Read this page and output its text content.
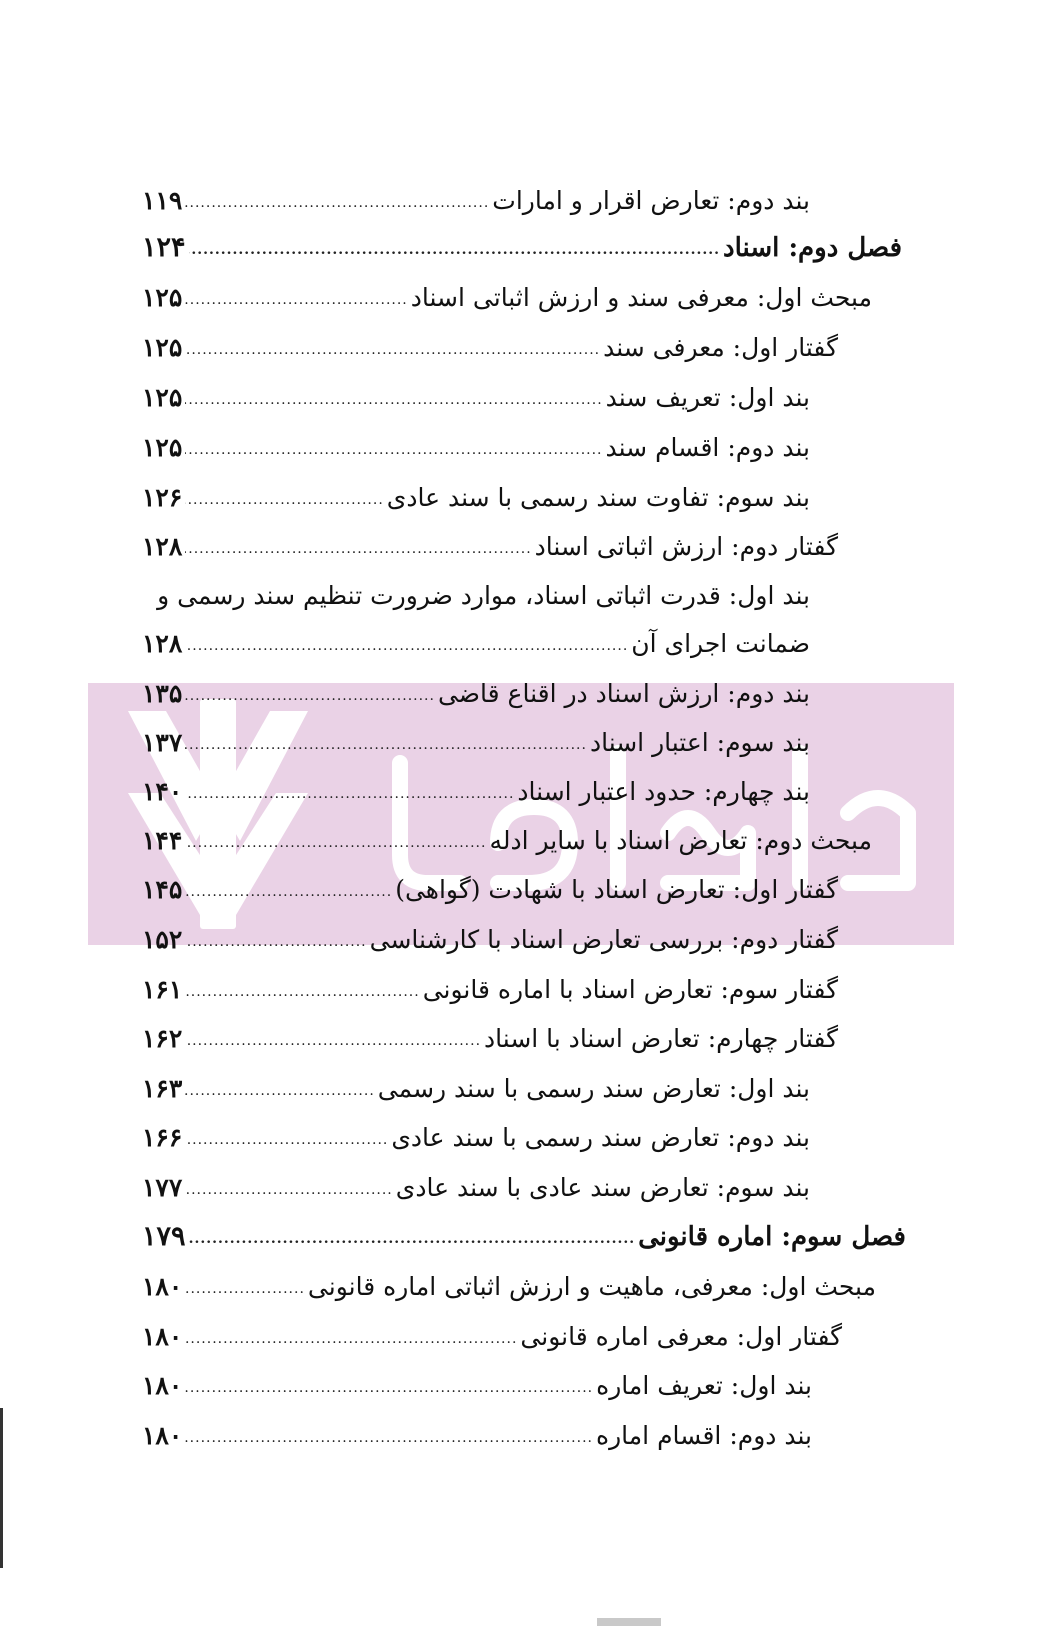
بند دوم: تعارض اقرار و امارات
.....
۱۱۹
فصل دوم: اسناد
.....
۱۲۴
مبحث اول: معرفی سند و ارزش اثباتی اسناد
.....
۱۲۵
گفتار اول: معرفی سند
.....
۱۲۵
بند اول: تعریف سند
.....
۱۲۵
بند دوم: اقسام سند
.....
۱۲۵
بند سوم: تفاوت سند رسمی با سند عادی
.....
۱۲۶
گفتار دوم: ارزش اثباتی اسناد
.....
۱۲۸
بند اول: قدرت اثباتی اسناد، موارد ضرورت تنظیم سند رسمی و
ضمانت اجرای آن
.....
۱۲۸
بند دوم: ارزش اسناد در اقناع قاضی
.....
۱۳۵
بند سوم: اعتبار اسناد
.....
۱۳۷
بند چهارم: حدود اعتبار اسناد
.....
۱۴۰
مبحث دوم: تعارض اسناد با سایر ادله
.....
۱۴۴
گفتار اول: تعارض اسناد با شهادت (گواهی)
.....
۱۴۵
گفتار دوم: بررسی تعارض اسناد با کارشناسی
.....
۱۵۲
گفتار سوم: تعارض اسناد با اماره قانونی
.....
۱۶۱
گفتار چهارم: تعارض اسناد با اسناد
.....
۱۶۲
بند اول: تعارض سند رسمی با سند رسمی
.....
۱۶۳
بند دوم: تعارض سند رسمی با سند عادی
.....
۱۶۶
بند سوم: تعارض سند عادی با سند عادی
.....
۱۷۷
فصل سوم: اماره قانونی
.....
۱۷۹
مبحث اول: معرفی، ماهیت و ارزش اثباتی اماره قانونی
.....
۱۸۰
گفتار اول: معرفی اماره قانونی
.....
۱۸۰
بند اول: تعریف اماره
.....
۱۸۰
بند دوم: اقسام اماره
.....
۱۸۰
